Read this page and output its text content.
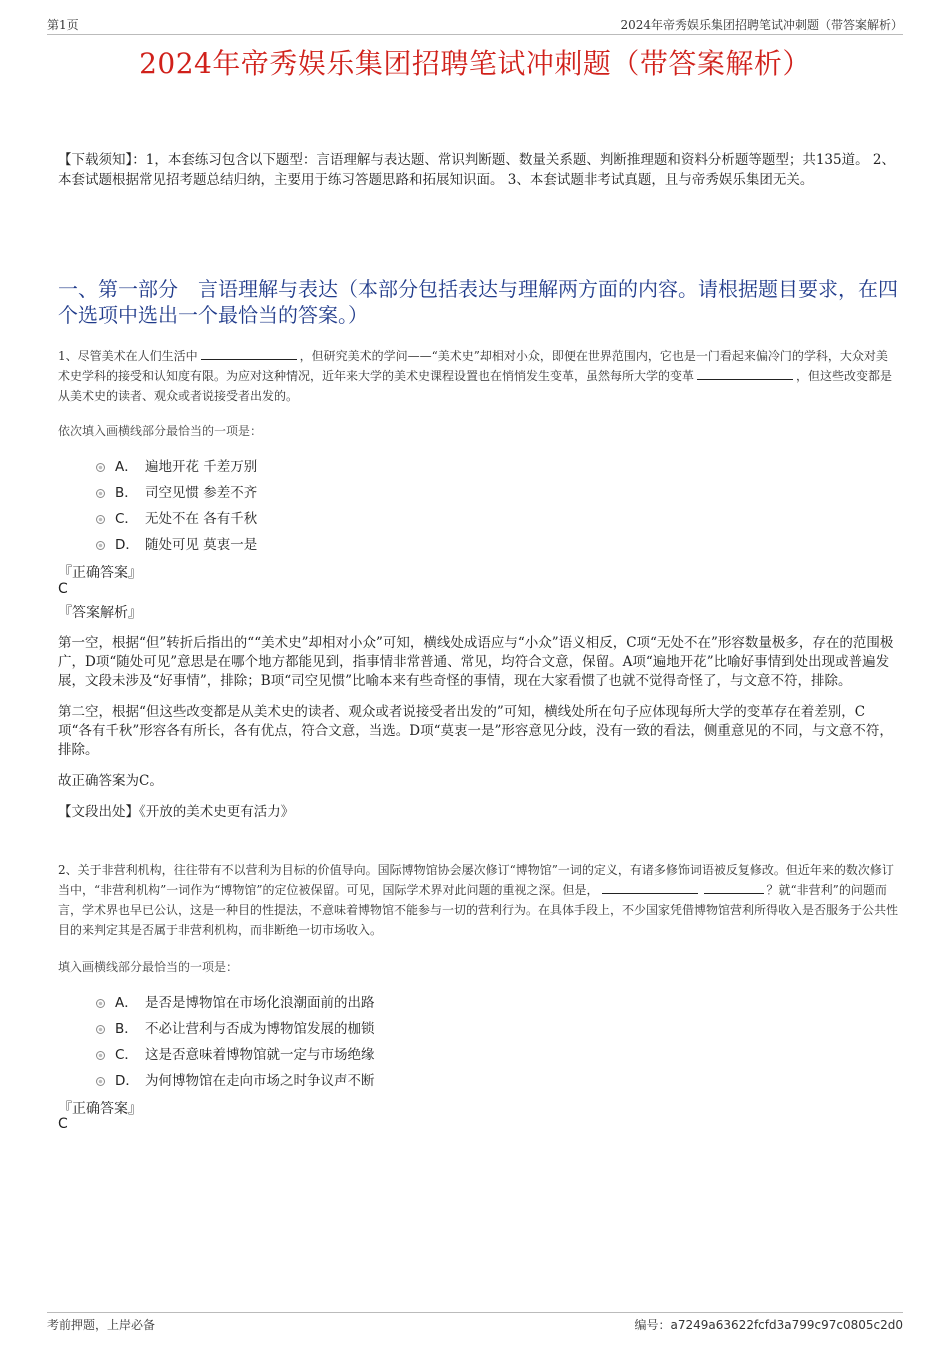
第1页	2024年帝秀娱乐集团招聘笔试冲刺题（带答案解析）
2024年帝秀娱乐集团招聘笔试冲刺题（带答案解析）
【下载须知】：1，本套练习包含以下题型：言语理解与表达题、常识判断题、数量关系题、判断推理题和资料分析题等题型；共135道。 2、本套试题根据常见招考题总结归纳，主要用于练习答题思路和拓展知识面。 3、本套试题非考试真题，且与帝秀娱乐集团无关。
一、第一部分　言语理解与表达（本部分包括表达与理解两方面的内容。请根据题目要求，在四个选项中选出一个最恰当的答案。）
1、尽管美术在人们生活中	，但研究美术的学问——“美术史”却相对小众，即便在世界范围内，它也是一门看起来偏冷门的学科，大众对美术史学科的接受和认知度有限。为应对这种情况，近年来大学的美术史课程设置也在悄悄发生变革，虽然每所大学的变革	，但这些改变都是从美术史的读者、观众或者说接受者出发的。
依次填入画横线部分最恰当的一项是：
A． 遍地开花 千差万别
B． 司空见惯 参差不齐
C． 无处不在 各有千秋
D． 随处可见 莫衷一是
『正确答案』
C
『答案解析』

第一空，根据“但”转折后指出的““美术史”却相对小众”可知，横线处成语应与“小众”语义相反，C项“无处不在”形容数量极多，存在的范围极广，D项“随处可见”意思是在哪个地方都能见到，指事情非常普通、常见，均符合文意，保留。A项“遍地开花”比喻好事情到处出现或普遍发展，文段未涉及“好事情”，排除；B项“司空见惯”比喻本来有些奇怪的事情，现在大家看惯了也就不觉得奇怪了，与文意不符，排除。

第二空，根据“但这些改变都是从美术史的读者、观众或者说接受者出发的”可知，横线处所在句子应体现每所大学的变革存在着差别，C项“各有千秋”形容各有所长，各有优点，符合文意，当选。D项“莫衷一是”形容意见分歧，没有一致的看法，侧重意见的不同，与文意不符，排除。

故正确答案为C。

【文段出处】《开放的美术史更有活力》

2、关于非营利机构，往往带有不以营利为目标的价值导向。国际博物馆协会屡次修订“博物馆”一词的定义，有诸多修饰词语被反复修改。但近年来的数次修订当中，“非营利机构”一词作为“博物馆”的定位被保留。可见，国际学术界对此问题的重视之深。但是，	？就“非营利”的问题而言，学术界也早已公认，这是一种目的性提法，不意味着博物馆不能参与一切的营利行为。在具体手段上，不少国家凭借博物馆营利所得收入是否服务于公共性目的来判定其是否属于非营利机构，而非断绝一切市场收入。
填入画横线部分最恰当的一项是：
A． 是否是博物馆在市场化浪潮面前的出路
B． 不必让营利与否成为博物馆发展的枷锁
C． 这是否意味着博物馆就一定与市场绝缘
D． 为何博物馆在走向市场之时争议声不断
『正确答案』
C
考前押题，上岸必备	编号：a7249a63622fcfd3a799c97c0805c2d0
